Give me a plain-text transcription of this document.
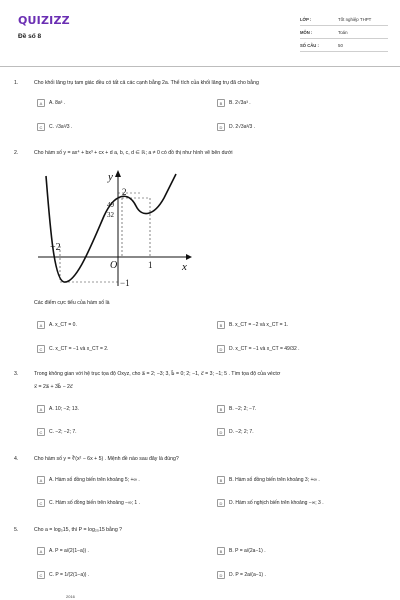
QUIZIZZ
Đề số 8
LỚP :	Tốt nghiệp THPT
MÔN :	Toán
SỐ CÂU :	50
1.	Cho khối lăng trụ tam giác đều có tất cả các cạnh bằng 2a. Thể tích của khối lăng trụ đã cho bằng
A	A. 8a³ .	B	B. 2√3a³ .
C	C. √3a³/3 .	D	D. 2√3a³/3 .
2.	Cho hàm số y = ax⁴ + bx³ + cx + d a, b, c, d ∈ ℝ; a ≠ 0 có đồ thị như hình vẽ bên dưới
y
x
2
49
32
−2
O	1
−1
Các điểm cực tiểu của hàm số là
A	A. x_CT = 0.	B	B. x_CT = −2 và x_CT = 1.
C	C. x_CT = −1 và x_CT = 2.	D	D. x_CT = −1 và x_CT = 49/32 .
3.	Trong không gian với hệ trục tọa độ Oxyz, cho a⃗ = 2; −3; 3, b⃗ = 0; 2; −1, c⃗ = 3; −1; 5 . Tìm tọa độ của véctơ
x⃗ = 2a⃗ + 3b⃗ − 2c⃗
A	A. 10; −2; 13.	B	B. −2; 2; −7.
C	C. −2; −2; 7.	D	D. −2; 2; 7.
4.	Cho hàm số y = ∛(x² − 6x + 5) . Mệnh đề nào sau đây là đúng?
A	A. Hàm số đồng biến trên khoảng 5; +∞ .	B	B. Hàm số đồng biến trên khoảng 3; +∞ .
C	C. Hàm số đồng biến trên khoảng −∞; 1 .	D	D. Hàm số nghịch biến trên khoảng −∞; 3 .
5.	Cho a = log₃15, thì P = log₂₅15 bằng ?
A	A. P = a/(2(1−a)) .	B	B. P = a/(2a−1) .
C	C. P = 1/(2(1−a)) .	D	D. P = 2a/(a−1) .
2016
